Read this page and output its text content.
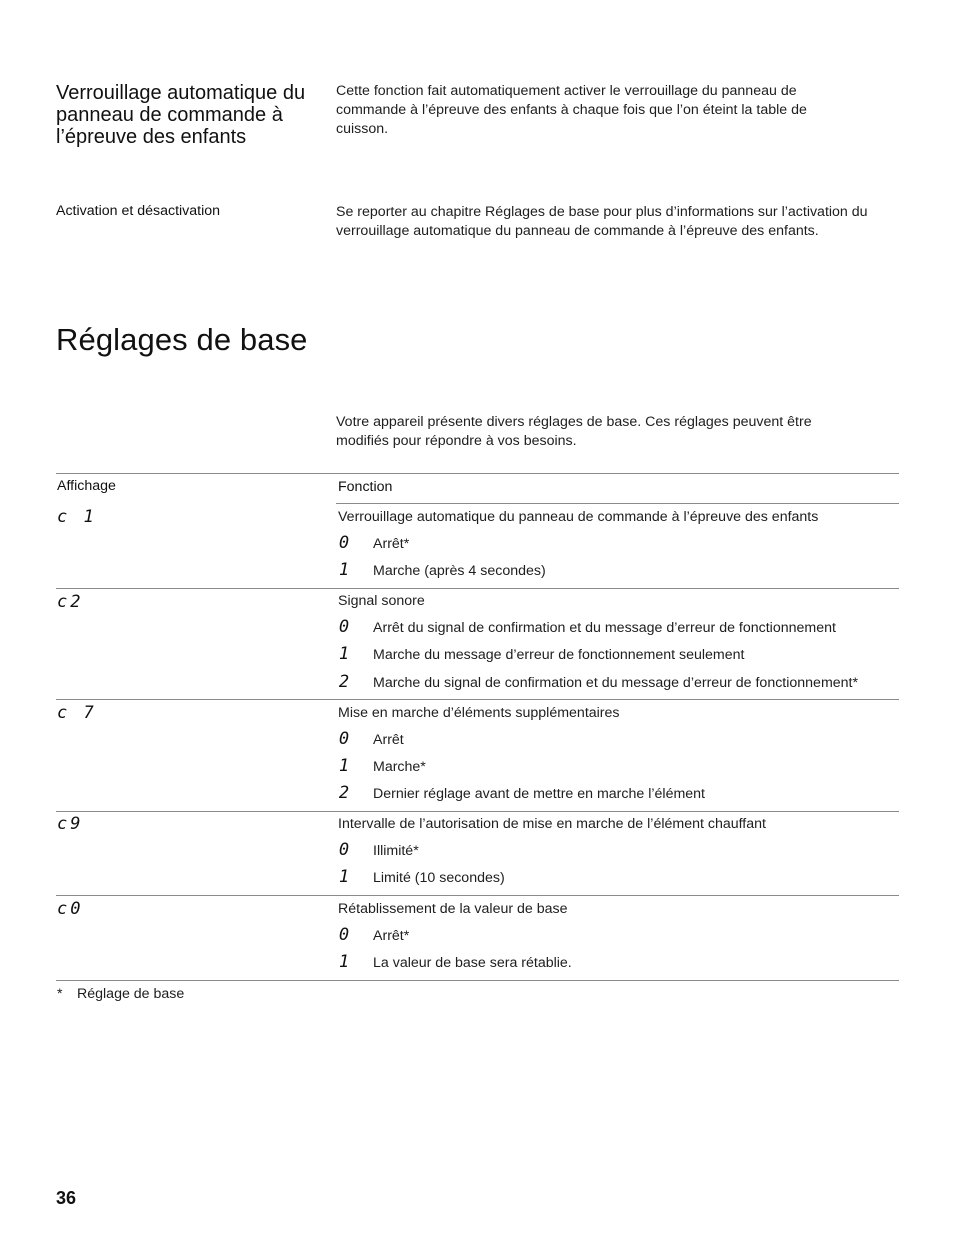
Verrouillage automatique du panneau de commande à l’épreuve des enfants
Cette fonction fait automatiquement activer le verrouillage du panneau de commande à l’épreuve des enfants à chaque fois que l’on éteint la table de cuisson.
Activation et désactivation	Se reporter au chapitre Réglages de base pour plus d’informations sur l’activation du verrouillage automatique du panneau de commande à l’épreuve des enfants.
Réglages de base
Votre appareil présente divers réglages de base. Ces réglages peuvent être modifiés pour répondre à vos besoins.
Affichage	Fonction
c 1	Verrouillage automatique du panneau de commande à l’épreuve des enfants
0 Arrêt*
1 Marche (après 4 secondes)
c2	Signal sonore
0 Arrêt du signal de confirmation et du message d’erreur de fonctionnement
1 Marche du message d’erreur de fonctionnement seulement
2 Marche du signal de confirmation et du message d’erreur de fonctionnement*
c 7	Mise en marche d’éléments supplémentaires
0 Arrêt
1 Marche*
2 Dernier réglage avant de mettre en marche l’élément
c9	Intervalle de l’autorisation de mise en marche de l’élément chauffant
0 Illimité*
1 Limité (10 secondes)
c0	Rétablissement de la valeur de base
0 Arrêt*
1 La valeur de base sera rétablie.
* Réglage de base
36
